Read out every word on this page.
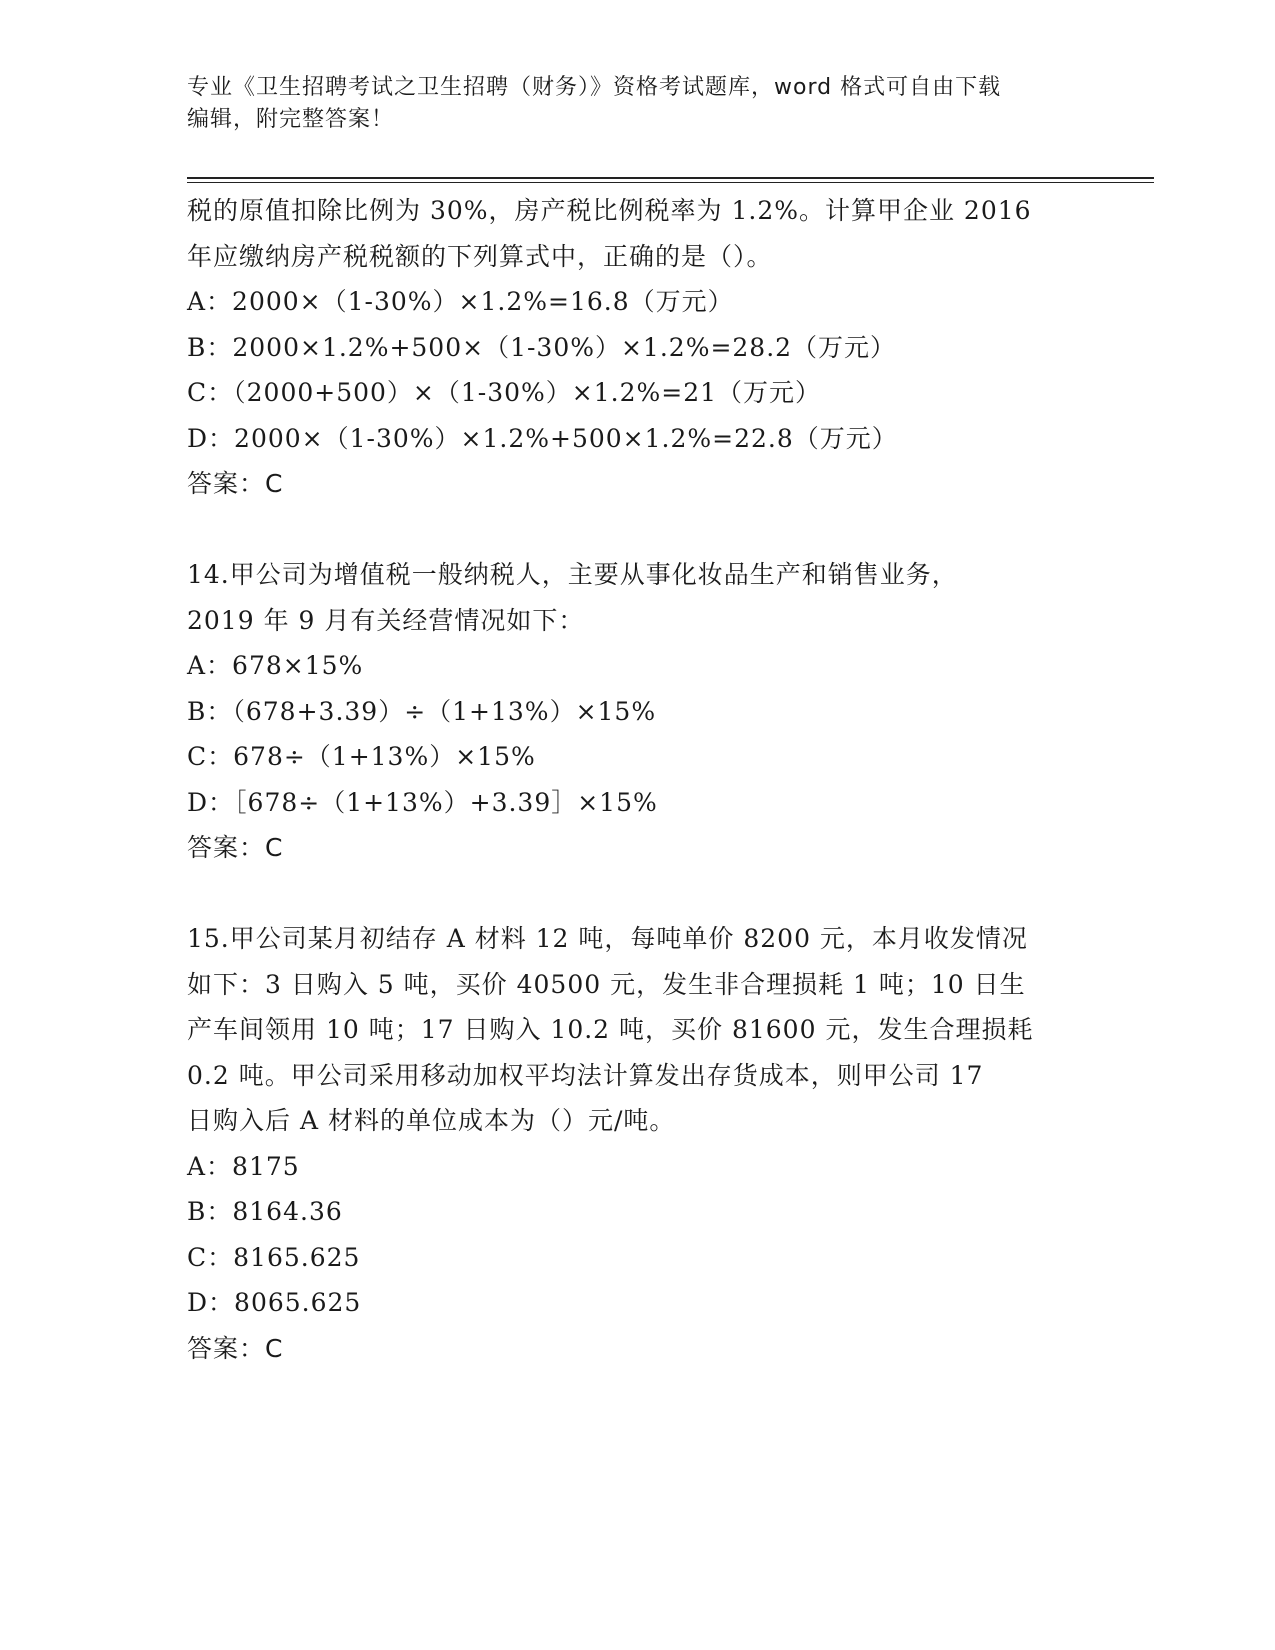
专业《卫生招聘考试之卫生招聘（财务）》资格考试题库，word 格式可自由下载
编辑，附完整答案！
税的原值扣除比例为 30%，房产税比例税率为 1.2%。计算甲企业 2016
年应缴纳房产税税额的下列算式中，正确的是（）。
A：2000×（1-30%）×1.2%=16.8（万元）
B：2000×1.2%+500×（1-30%）×1.2%=28.2（万元）
C：（2000+500）×（1-30%）×1.2%=21（万元）
D：2000×（1-30%）×1.2%+500×1.2%=22.8（万元）
答案：C
14.甲公司为增值税一般纳税人，主要从事化妆品生产和销售业务，
2019 年 9 月有关经营情况如下：
A：678×15%
B：（678+3.39）÷（1+13%）×15%
C：678÷（1+13%）×15%
D：［678÷（1+13%）+3.39］×15%
答案：C
15.甲公司某月初结存 A 材料 12 吨，每吨单价 8200 元，本月收发情况
如下：3 日购入 5 吨，买价 40500 元，发生非合理损耗 1 吨；10 日生
产车间领用 10 吨；17 日购入 10.2 吨，买价 81600 元，发生合理损耗
0.2 吨。甲公司采用移动加权平均法计算发出存货成本，则甲公司 17
日购入后 A 材料的单位成本为（）元/吨。
A：8175
B：8164.36
C：8165.625
D：8065.625
答案：C
